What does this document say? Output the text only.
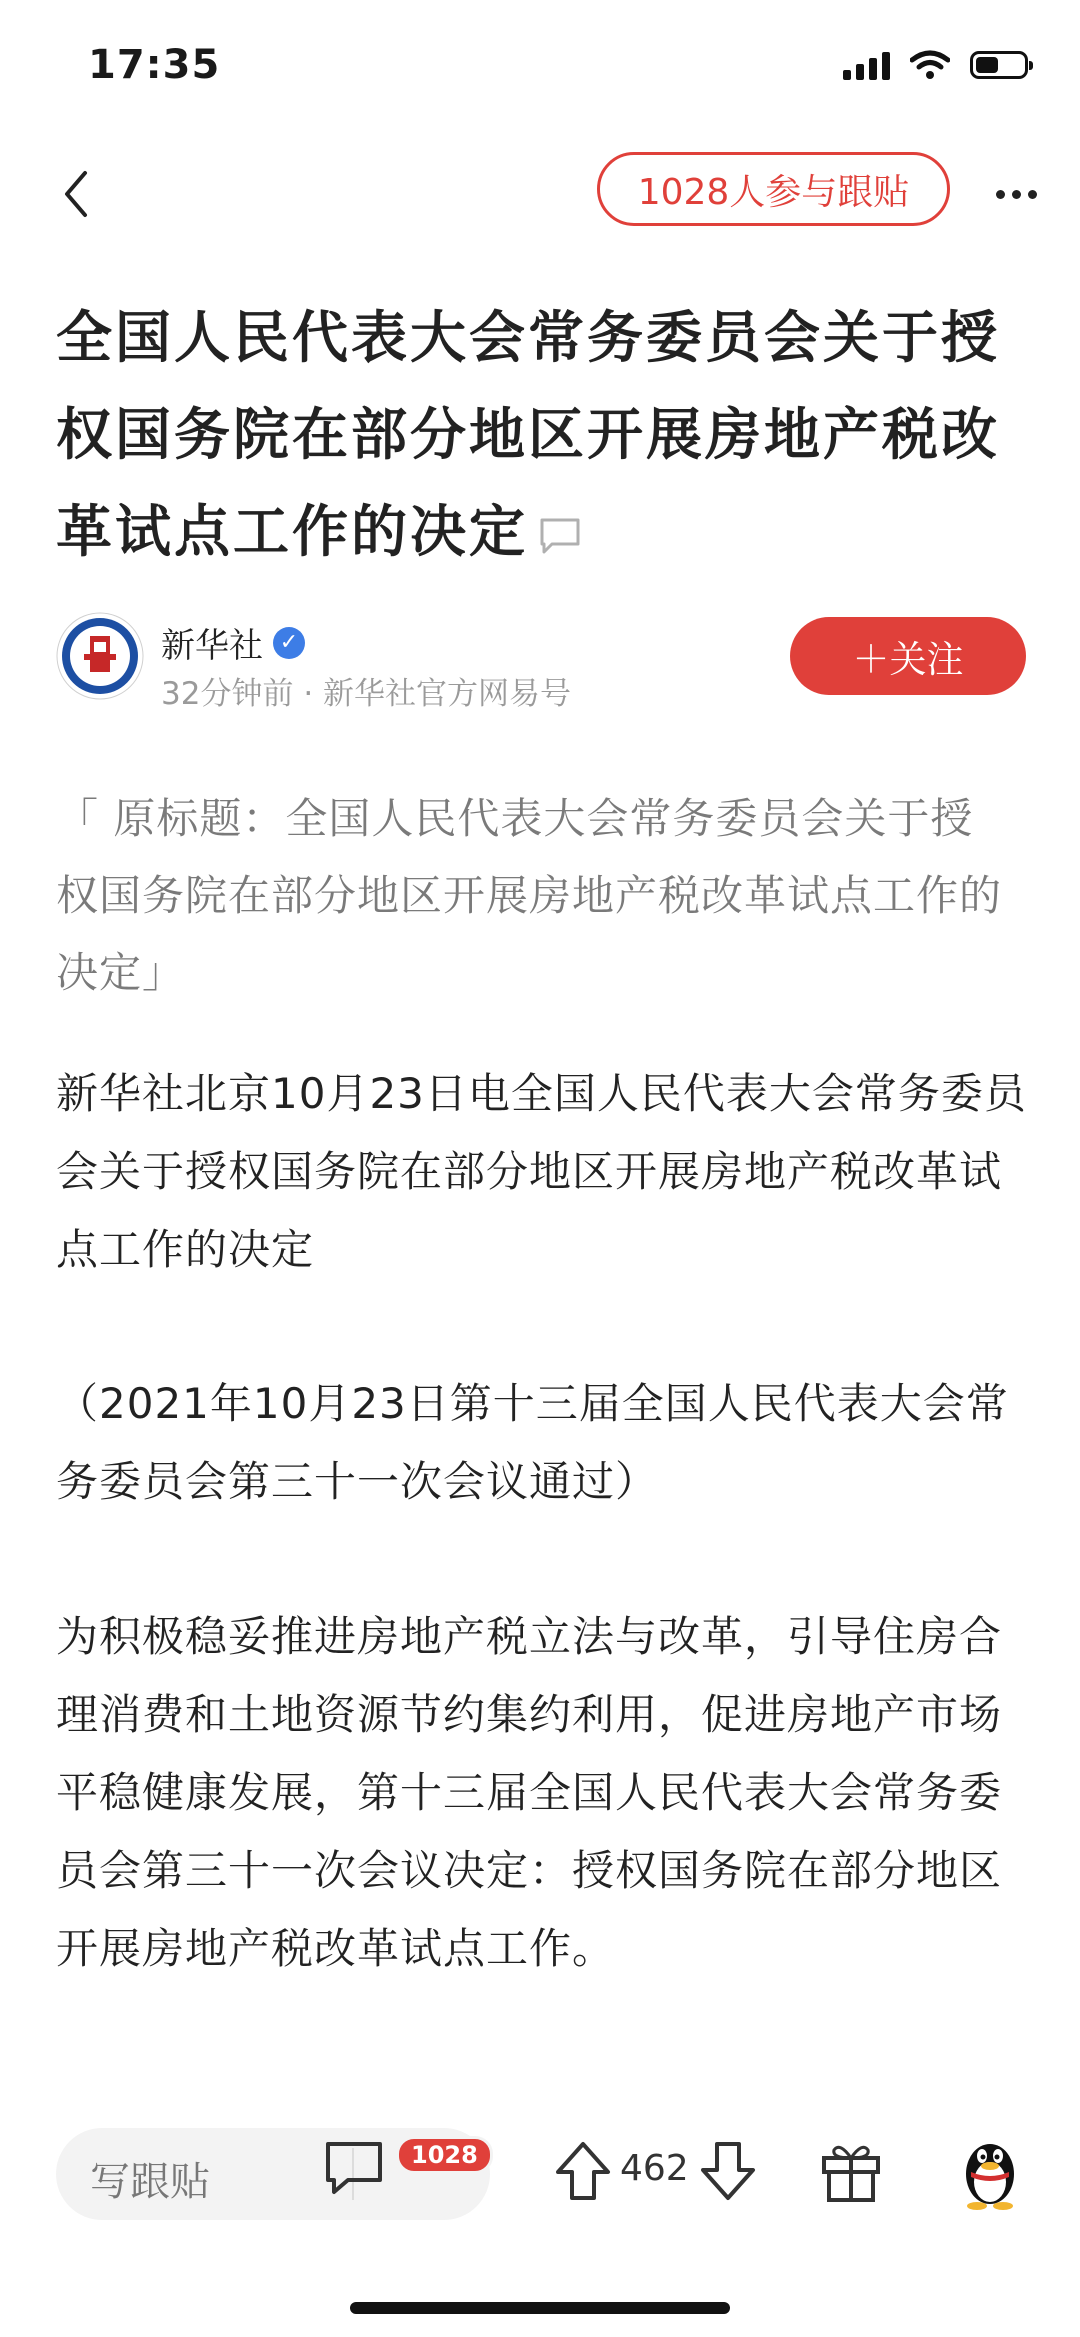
17:35
1028人参与跟贴
全国人民代表大会常务委员会关于授权国务院在部分地区开展房地产税改革试点工作的决定
新华社 ✓
32分钟前 · 新华社官方网易号
＋关注
「 原标题：全国人民代表大会常务委员会关于授权国务院在部分地区开展房地产税改革试点工作的决定」
新华社北京10月23日电全国人民代表大会常务委员会关于授权国务院在部分地区开展房地产税改革试点工作的决定
（2021年10月23日第十三届全国人民代表大会常务委员会第三十一次会议通过）
为积极稳妥推进房地产税立法与改革，引导住房合理消费和土地资源节约集约利用，促进房地产市场平稳健康发展，第十三届全国人民代表大会常务委员会第三十一次会议决定：授权国务院在部分地区开展房地产税改革试点工作。
写跟贴
1028	462
